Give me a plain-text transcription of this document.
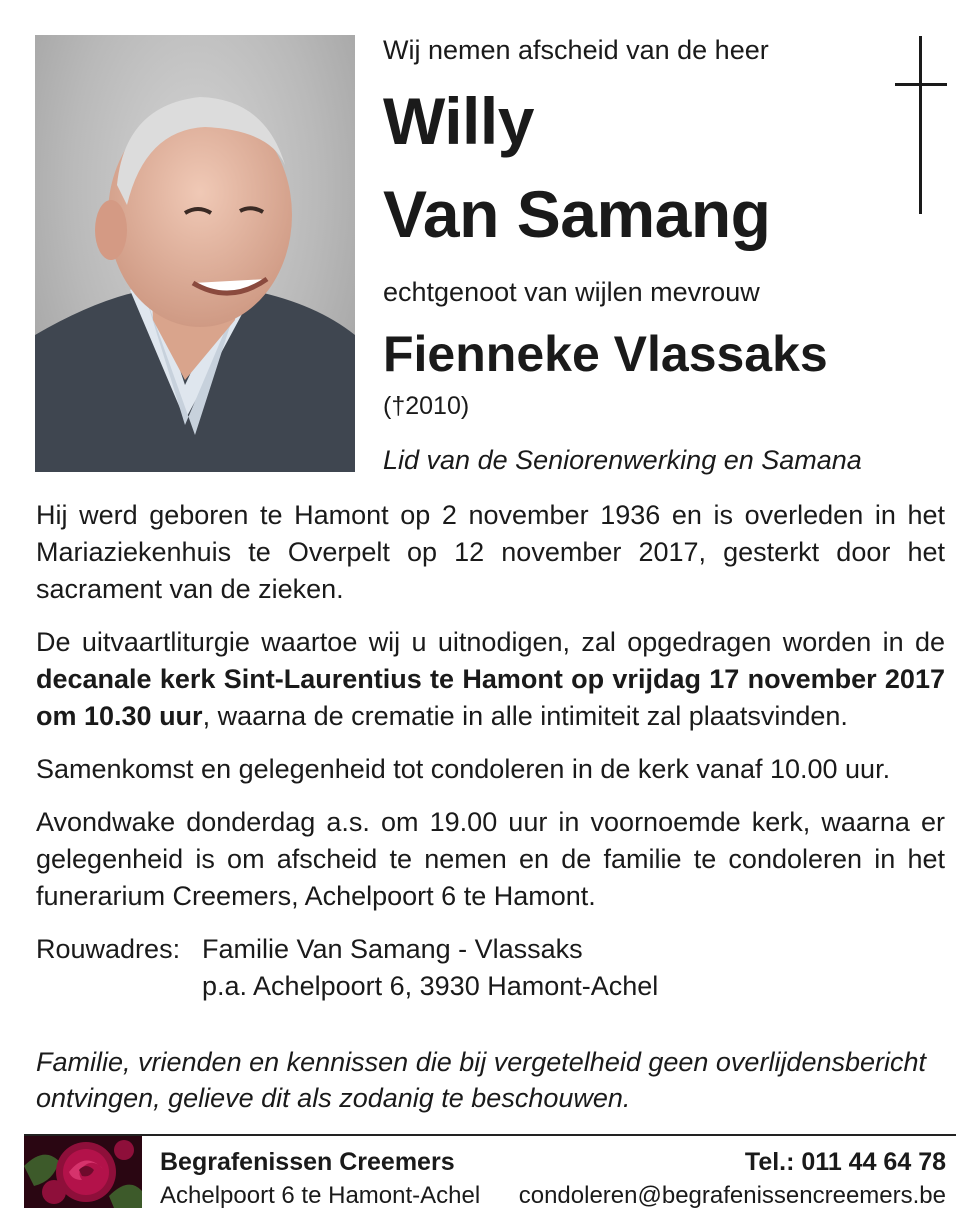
Wij nemen afscheid van de heer
Willy
Van Samang
echtgenoot van wijlen mevrouw
Fienneke Vlassaks
(†2010)
Lid van de Seniorenwerking en Samana

Hij werd geboren te Hamont op 2 november 1936 en is overleden in het Mariaziekenhuis te Overpelt op 12 november 2017, gesterkt door het sacrament van de zieken.

De uitvaartliturgie waartoe wij u uitnodigen, zal opgedragen worden in de decanale kerk Sint-Laurentius te Hamont op vrijdag 17 november 2017 om 10.30 uur, waarna de crematie in alle intimiteit zal plaatsvinden.

Samenkomst en gelegenheid tot condoleren in de kerk vanaf 10.00 uur.

Avondwake donderdag a.s. om 19.00 uur in voornoemde kerk, waarna er gelegenheid is om afscheid te nemen en de familie te condoleren in het funerarium Creemers, Achelpoort 6 te Hamont.

Rouwadres: Familie Van Samang - Vlassaks
p.a. Achelpoort 6, 3930 Hamont-Achel
Familie, vrienden en kennissen die bij vergetelheid geen overlijdensbericht ontvingen, gelieve dit als zodanig te beschouwen.
Begrafenissen Creemers
Achelpoort 6 te Hamont-Achel
Tel.: 011 44 64 78
condoleren@begrafenissencreemers.be
